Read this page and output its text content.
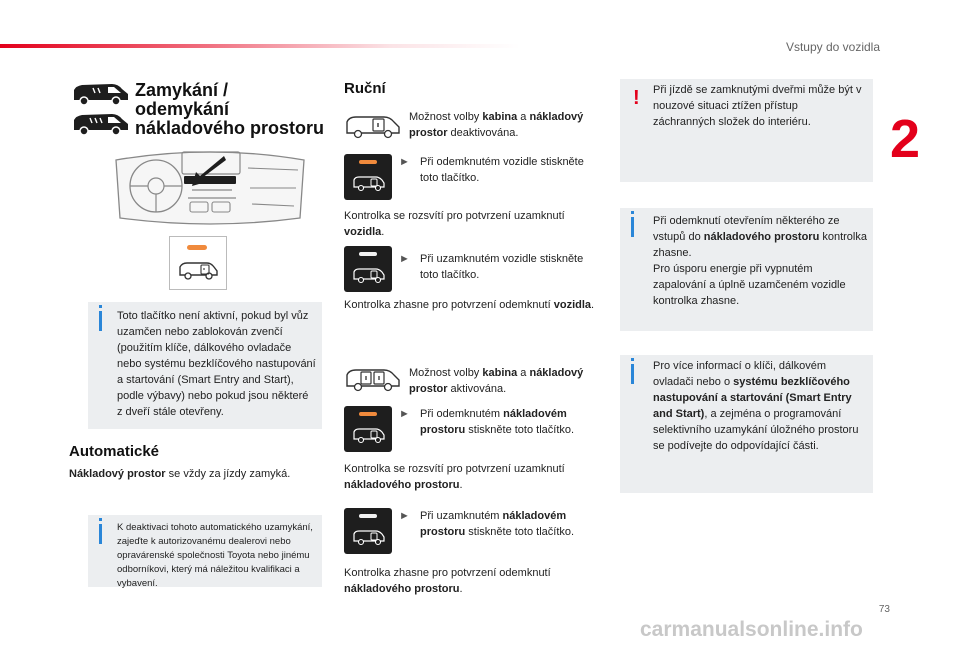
Vstupy do vozidla
2
Zamykání /
odemykání
nákladového prostoru
Toto tlačítko není aktivní, pokud byl vůz uzamčen nebo zablokován zvenčí (použitím klíče, dálkového ovladače nebo systému bezklíčového nastupování a startování (Smart Entry and Start), podle výbavy) nebo pokud jsou některé z dveří stále otevřeny.
Automatické
Nákladový prostor se vždy za jízdy zamyká.
K deaktivaci tohoto automatického uzamykání, zajeďte k autorizovanému dealerovi nebo opravárenské společnosti Toyota nebo jinému odborníkovi, který má náležitou kvalifikaci a vybavení.
Ruční
Možnost volby kabina a nákladový prostor deaktivována.
► Při odemknutém vozidle stiskněte toto tlačítko.
Kontrolka se rozsvítí pro potvrzení uzamknutí vozidla.
► Při uzamknutém vozidle stiskněte toto tlačítko.
Kontrolka zhasne pro potvrzení odemknutí vozidla.
Možnost volby kabina a nákladový prostor aktivována.
► Při odemknutém nákladovém prostoru stiskněte toto tlačítko.
Kontrolka se rozsvítí pro potvrzení uzamknutí nákladového prostoru.
► Při uzamknutém nákladovém prostoru stiskněte toto tlačítko.
Kontrolka zhasne pro potvrzení odemknutí nákladového prostoru.
! Při jízdě se zamknutými dveřmi může být v nouzové situaci ztížen přístup záchranných složek do interiéru.
Při odemknutí otevřením některého ze vstupů do nákladového prostoru kontrolka zhasne.
Pro úsporu energie při vypnutém zapalování a úplně uzamčeném vozidle kontrolka zhasne.
Pro více informací o klíči, dálkovém ovladači nebo o systému bezklíčového nastupování a startování (Smart Entry and Start), a zejména o programování selektivního uzamykání úložného prostoru se podívejte do odpovídající části.
73
carmanualsonline.info
